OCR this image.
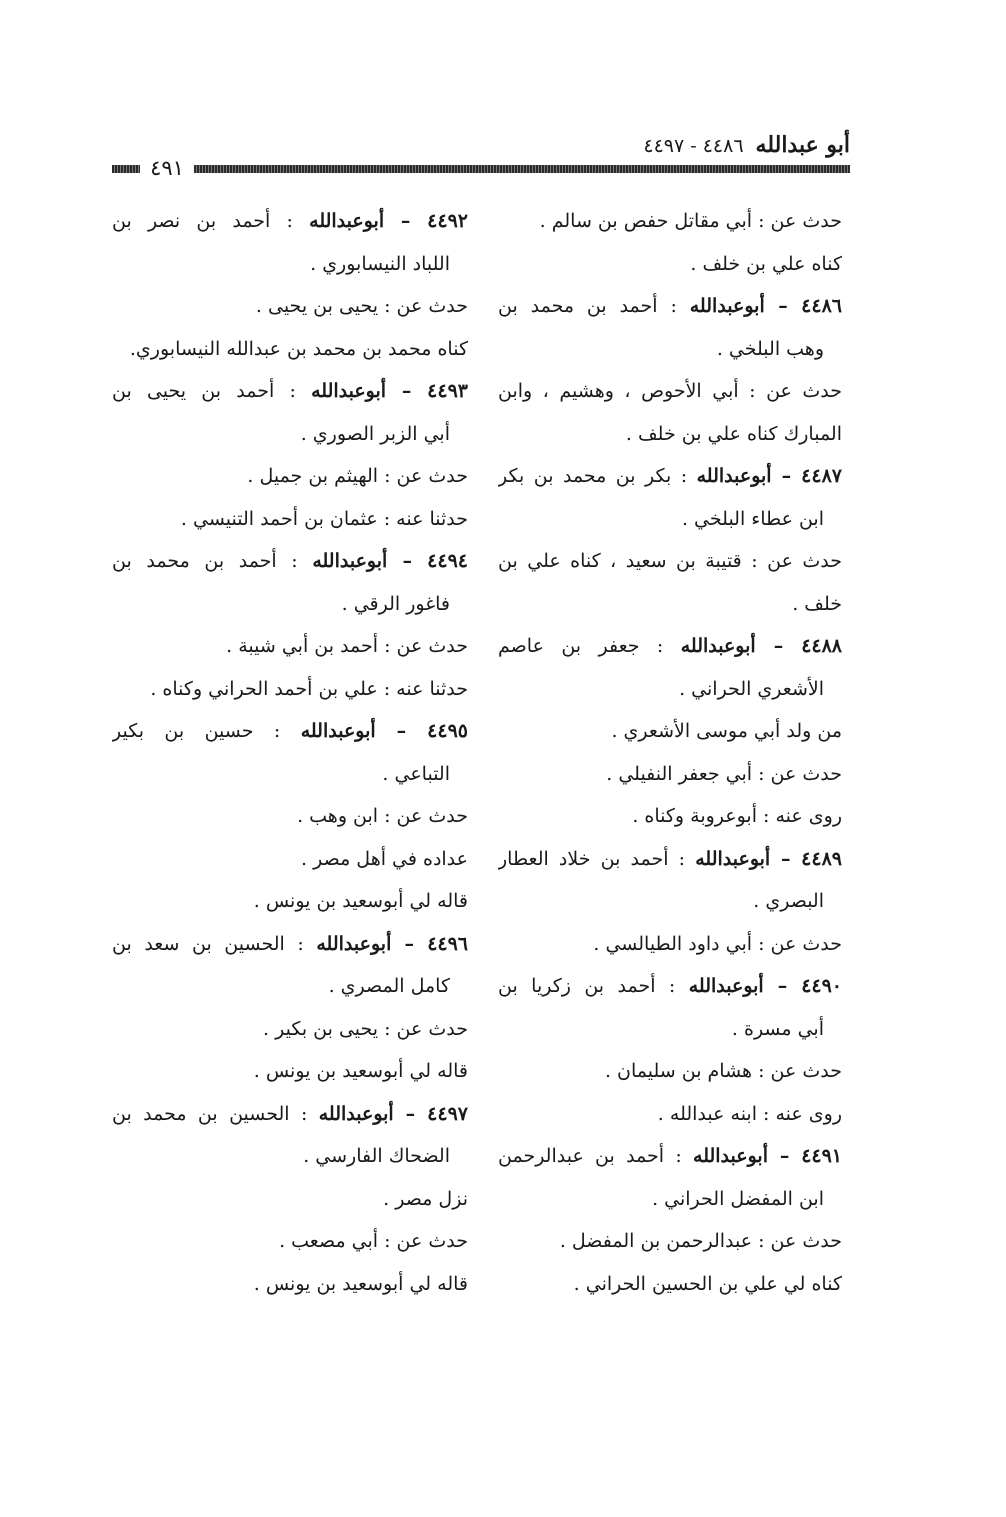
أبو عبدالله٤٤٨٦ - ٤٤٩٧
٤٩١
حدث عن : أبي مقاتل حفص بن سالم .
كناه علي بن خلف .
٤٤٨٦ – أبوعبدالله : أحمد بن محمد بن
وهب البلخي .
حدث عن : أبي الأحوص ، وهشيم ، وابن
المبارك كناه علي بن خلف .
٤٤٨٧ – أبوعبدالله : بكر بن محمد بن بكر
ابن عطاء البلخي .
حدث عن : قتيبة بن سعيد ، كناه علي بن
خلف .
٤٤٨٨ – أبوعبدالله : جعفر بن عاصم
الأشعري الحراني .
من ولد أبي موسى الأشعري .
حدث عن : أبي جعفر النفيلي .
روى عنه : أبوعروبة وكناه .
٤٤٨٩ – أبوعبدالله : أحمد بن خلاد العطار
البصري .
حدث عن : أبي داود الطيالسي .
٤٤٩٠ – أبوعبدالله : أحمد بن زكريا بن
أبي مسرة .
حدث عن : هشام بن سليمان .
روى عنه : ابنه عبدالله .
٤٤٩١ – أبوعبدالله : أحمد بن عبدالرحمن
ابن المفضل الحراني .
حدث عن : عبدالرحمن بن المفضل .
كناه لي علي بن الحسين الحراني .
٤٤٩٢ – أبوعبدالله : أحمد بن نصر بن
اللباد النيسابوري .
حدث عن : يحيى بن يحيى .
كناه محمد بن محمد بن عبدالله النيسابوري.
٤٤٩٣ – أبوعبدالله : أحمد بن يحيى بن
أبي الزبر الصوري .
حدث عن : الهيثم بن جميل .
حدثنا عنه : عثمان بن أحمد التنيسي .
٤٤٩٤ – أبوعبدالله : أحمد بن محمد بن
فاغور الرقي .
حدث عن : أحمد بن أبي شيبة .
حدثنا عنه : علي بن أحمد الحراني وكناه .
٤٤٩٥ – أبوعبدالله : حسين بن بكير
التباعي .
حدث عن : ابن وهب .
عداده في أهل مصر .
قاله لي أبوسعيد بن يونس .
٤٤٩٦ – أبوعبدالله : الحسين بن سعد بن
كامل المصري .
حدث عن : يحيى بن بكير .
قاله لي أبوسعيد بن يونس .
٤٤٩٧ – أبوعبدالله : الحسين بن محمد بن
الضحاك الفارسي .
نزل مصر .
حدث عن : أبي مصعب .
قاله لي أبوسعيد بن يونس .
